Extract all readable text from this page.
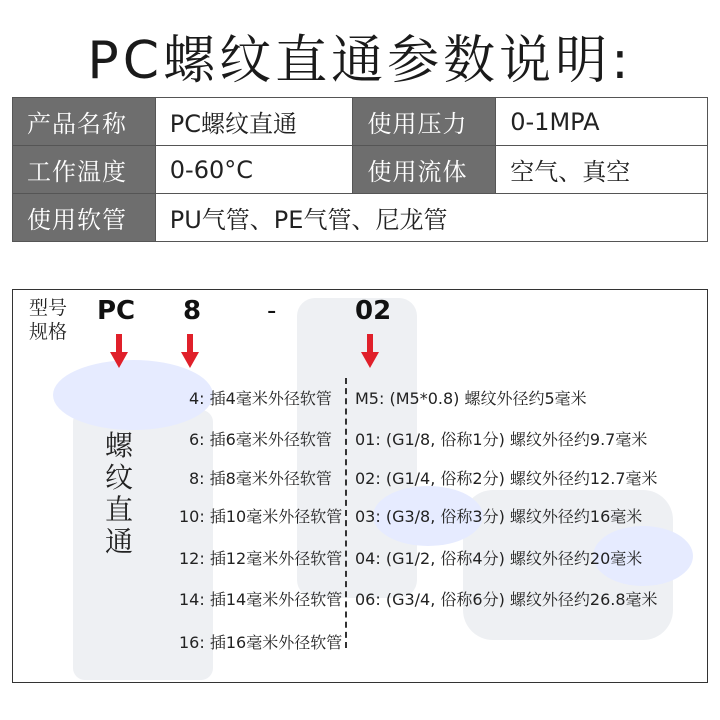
PC螺纹直通参数说明:
产品名称	PC螺纹直通	使用压力	0-1MPA
工作温度	0-60°C	使用流体	空气、真空
使用软管	PU气管、PE气管、尼龙管		
型号
规格
PC 8	-	02
螺
纹
直
通
4: 插4毫米外径软管
6: 插6毫米外径软管
8: 插8毫米外径软管
10: 插10毫米外径软管
12: 插12毫米外径软管
14: 插14毫米外径软管
16: 插16毫米外径软管
M5: (M5*0.8) 螺纹外径约5毫米
01: (G1/8, 俗称1分) 螺纹外径约9.7毫米
02: (G1/4, 俗称2分) 螺纹外径约12.7毫米
03: (G3/8, 俗称3分) 螺纹外径约16毫米
04: (G1/2, 俗称4分) 螺纹外径约20毫米
06: (G3/4, 俗称6分) 螺纹外径约26.8毫米
